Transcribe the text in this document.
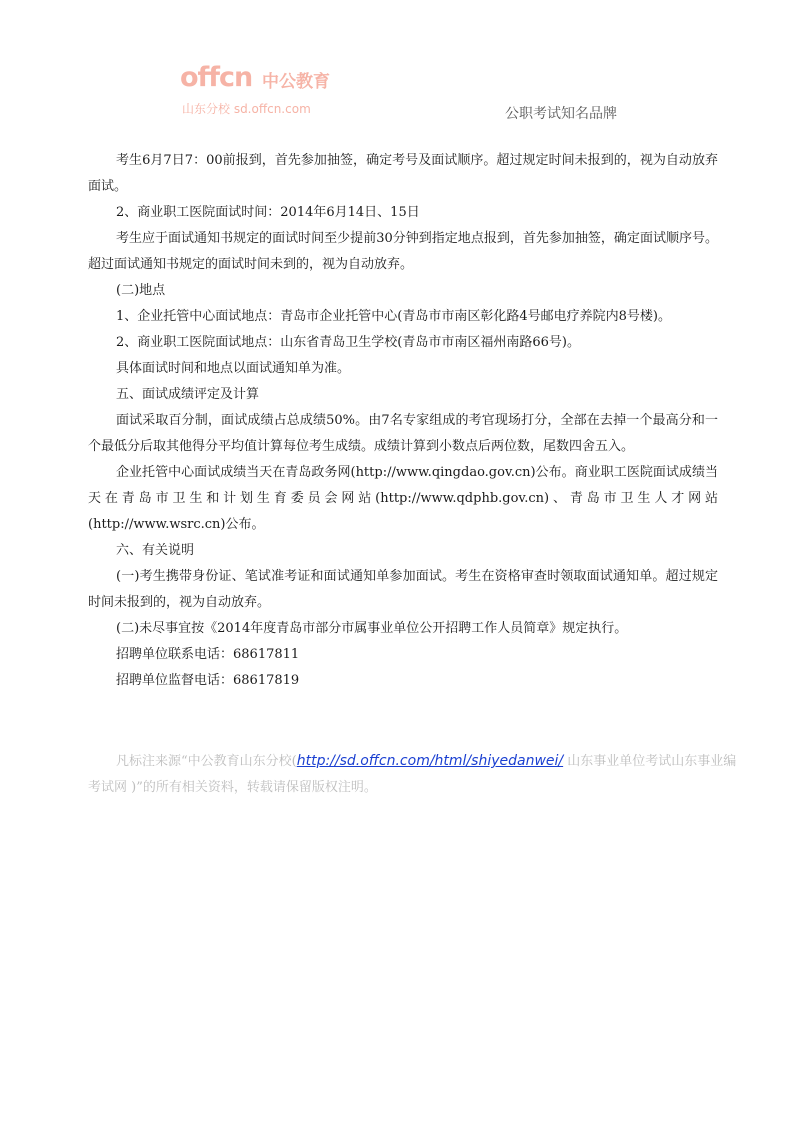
offcn 中公教育
山东分校 sd.offcn.com	公职考试知名品牌

考生6月7日7：00前报到，首先参加抽签，确定考号及面试顺序。超过规定时间未报到的，视为自动放弃面试。

2、商业职工医院面试时间：2014年6月14日、15日

考生应于面试通知书规定的面试时间至少提前30分钟到指定地点报到，首先参加抽签，确定面试顺序号。超过面试通知书规定的面试时间未到的，视为自动放弃。

(二)地点

1、企业托管中心面试地点：青岛市企业托管中心(青岛市市南区彰化路4号邮电疗养院内8号楼)。

2、商业职工医院面试地点：山东省青岛卫生学校(青岛市市南区福州南路66号)。

具体面试时间和地点以面试通知单为准。

五、面试成绩评定及计算

面试采取百分制，面试成绩占总成绩50%。由7名专家组成的考官现场打分，全部在去掉一个最高分和一个最低分后取其他得分平均值计算每位考生成绩。成绩计算到小数点后两位数，尾数四舍五入。

企业托管中心面试成绩当天在青岛政务网(http://www.qingdao.gov.cn)公布。商业职工医院面试成绩当天在青岛市卫生和计划生育委员会网站(http://www.qdphb.gov.cn)、青岛市卫生人才网站(http://www.wsrc.cn)公布。

六、有关说明

(一)考生携带身份证、笔试准考证和面试通知单参加面试。考生在资格审查时领取面试通知单。超过规定时间未报到的，视为自动放弃。

(二)未尽事宜按《2014年度青岛市部分市属事业单位公开招聘工作人员简章》规定执行。

招聘单位联系电话：68617811

招聘单位监督电话：68617819

凡标注来源“中公教育山东分校(http://sd.offcn.com/html/shiyedanwei/ 山东事业单位考试山东事业编考试网 )”的所有相关资料，转载请保留版权注明。
